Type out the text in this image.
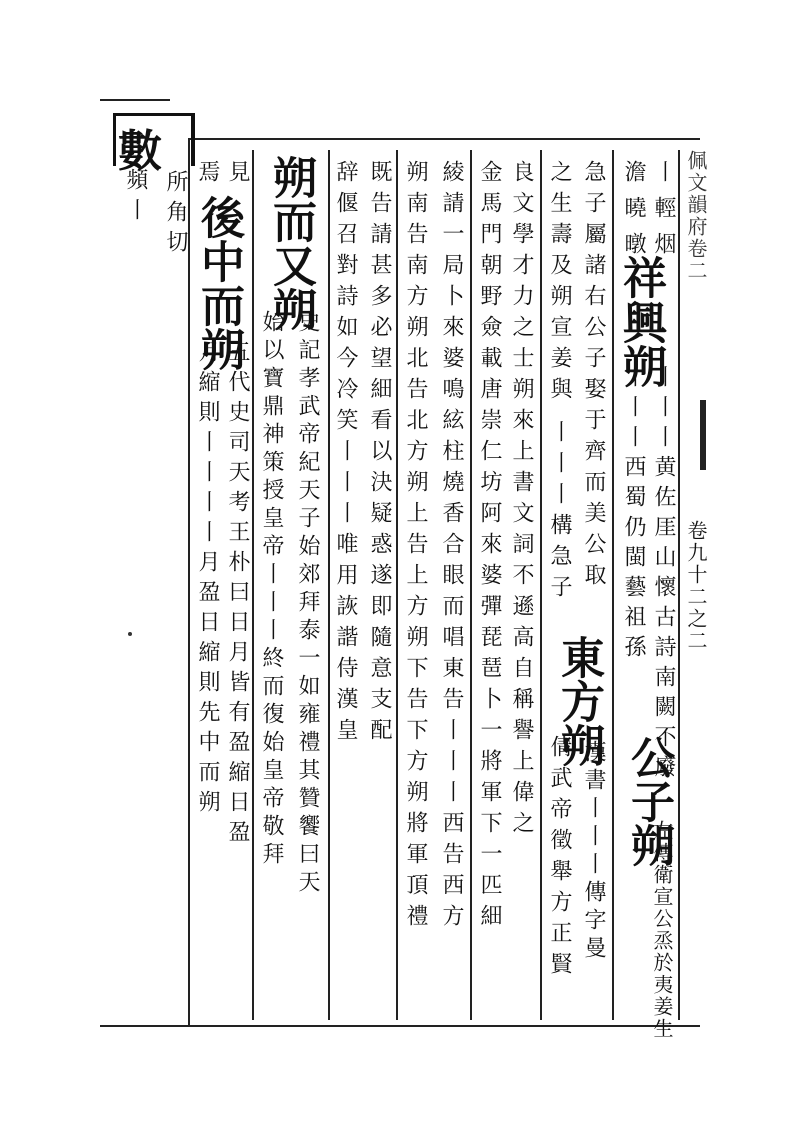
數
所角切
頻丨	佩文韻府卷二
卷九十二之二
丨輕烟
澹曉暾
祥
興朔
丨丨丨黄佐厓山懷古詩南闕不廢
丨丨丨西蜀仍閩藝祖孫
公子朔
左傳衛宣公烝於夷姜生
急子屬諸右公子娶于齊而美公取
之生壽及朔宣姜與
丨丨丨構急子
東方朔
漢書丨丨丨傳字曼
良文學才力之士朔來上書文詞不遜高自稱譽上偉之
倩武帝徵舉方正賢
金馬門朝野僉載唐崇仁坊阿來婆彈琵琶卜一將軍下一匹細
綾請一局卜來婆鳴絃柱燒香合眼而唱東告丨丨丨西告西方
朔南告南方朔北告北方朔上告上方朔下告下方朔將軍頂禮
既告請甚多必望細看以決疑惑遂即隨意支配
辞偃召對詩如今冷笑丨丨丨唯用詼諧侍漢皇
朔而又朔
史記孝武帝紀天子始郊拜泰一如雍禮其贊饗曰天
始以寶鼎神策授皇帝丨丨丨終而復始皇帝敬拜
見
焉
後中而朔
五代史司天考王朴曰日月皆有盈縮日盈
月縮則丨丨丨丨月盈日縮則先中而朔
